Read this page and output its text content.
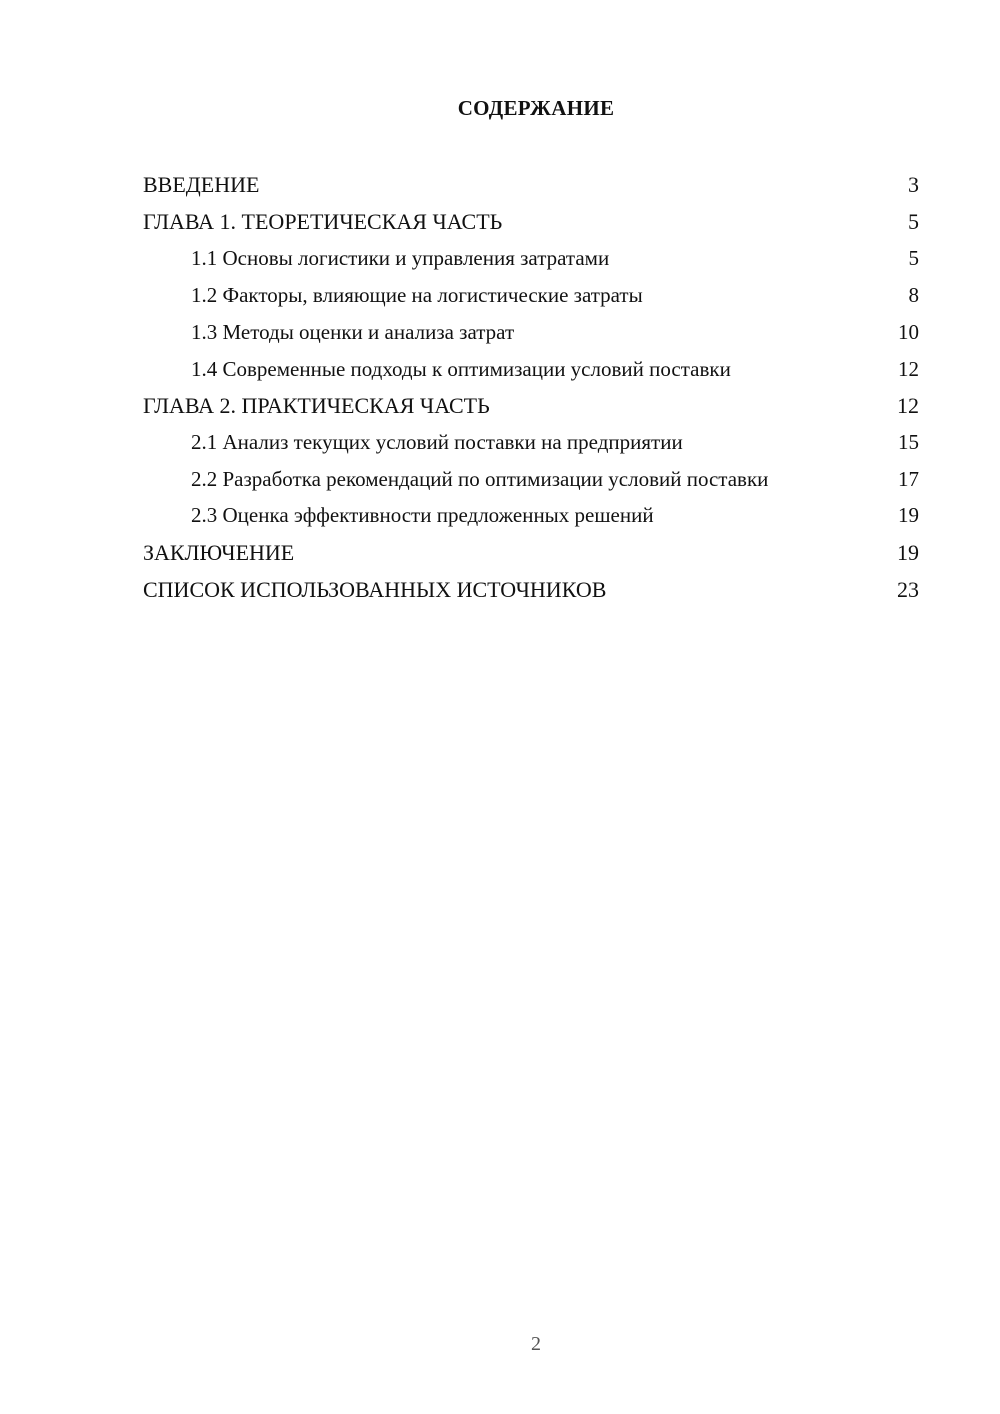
СОДЕРЖАНИЕ
ВВЕДЕНИЕ	3
ГЛАВА 1. ТЕОРЕТИЧЕСКАЯ ЧАСТЬ	5
1.1 Основы логистики и управления затратами	5
1.2 Факторы, влияющие на логистические затраты	8
1.3 Методы оценки и анализа затрат	10
1.4 Современные подходы к оптимизации условий поставки	12
ГЛАВА 2. ПРАКТИЧЕСКАЯ ЧАСТЬ	12
2.1 Анализ текущих условий поставки на предприятии	15
2.2 Разработка рекомендаций по оптимизации условий поставки	17
2.3 Оценка эффективности предложенных решений	19
ЗАКЛЮЧЕНИЕ	19
СПИСОК ИСПОЛЬЗОВАННЫХ ИСТОЧНИКОВ	23
2
